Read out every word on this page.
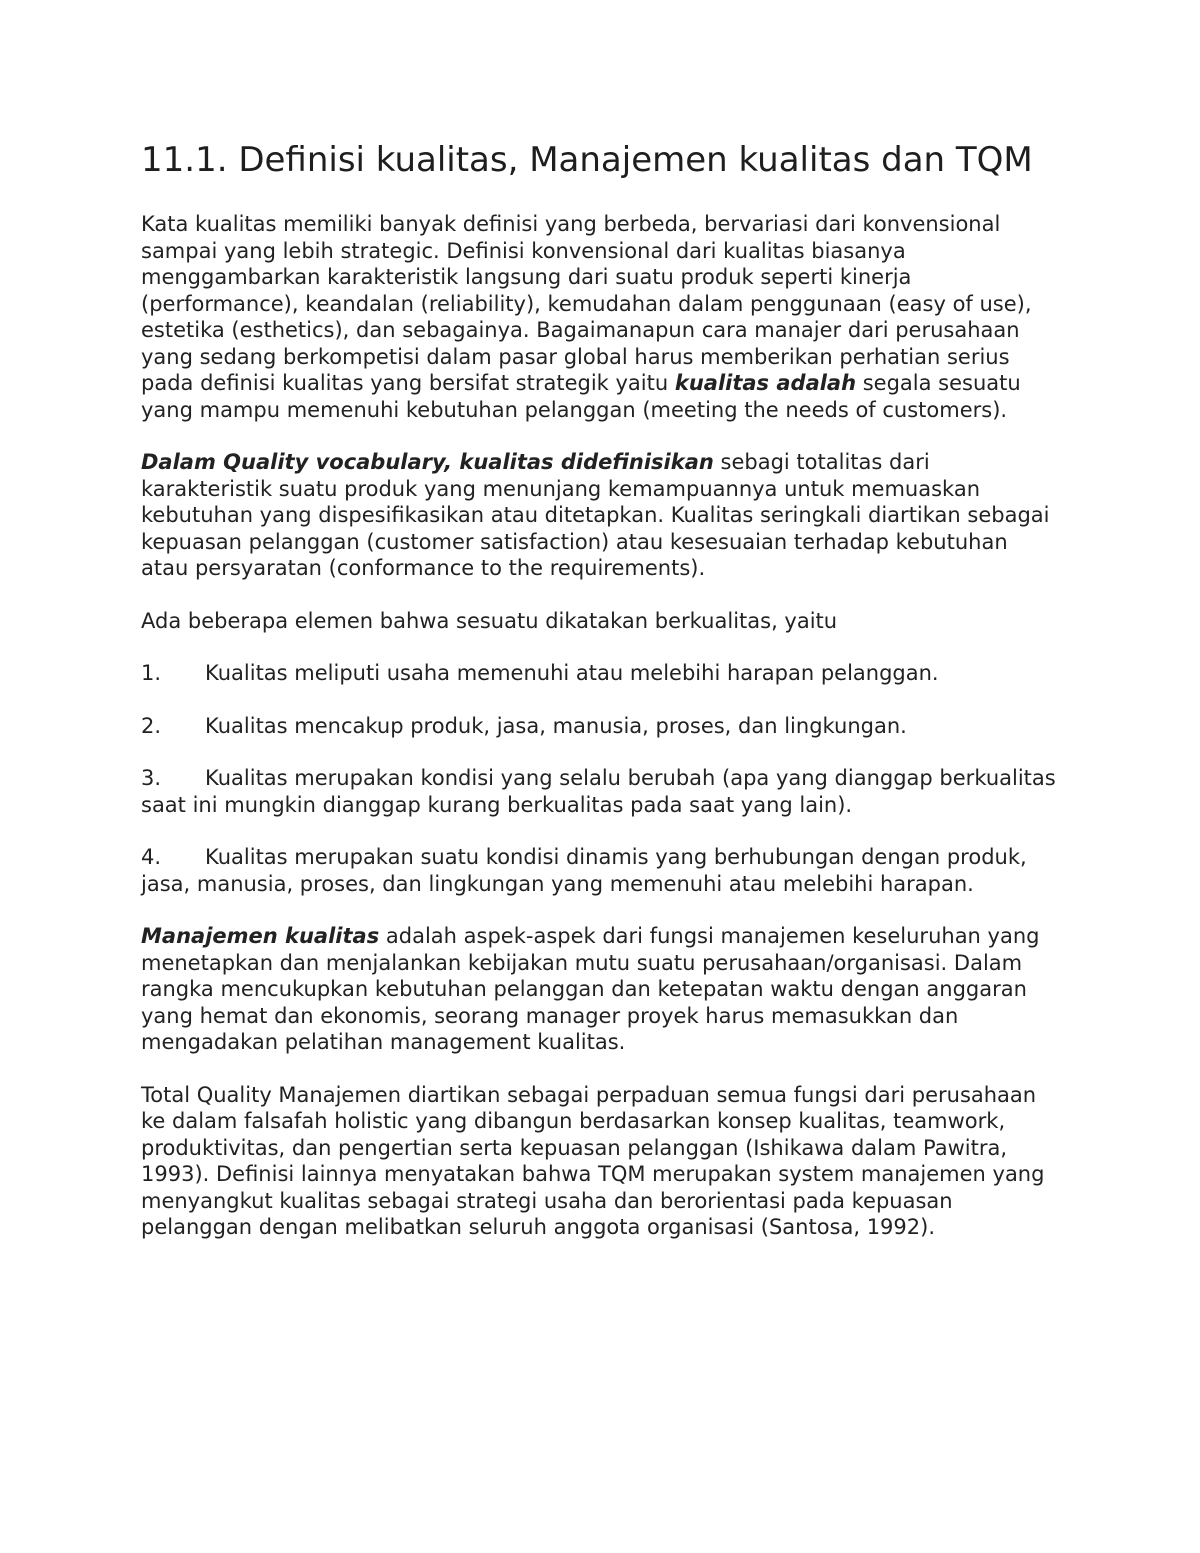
11.1. Definisi kualitas, Manajemen kualitas dan TQM

Kata kualitas memiliki banyak definisi yang berbeda, bervariasi dari konvensional sampai yang lebih strategic. Definisi konvensional dari kualitas biasanya menggambarkan karakteristik langsung dari suatu produk seperti kinerja (performance), keandalan (reliability), kemudahan dalam penggunaan (easy of use), estetika (esthetics), dan sebagainya. Bagaimanapun cara manajer dari perusahaan yang sedang berkompetisi dalam pasar global harus memberikan perhatian serius pada definisi kualitas yang bersifat strategik yaitu kualitas adalah segala sesuatu yang mampu memenuhi kebutuhan pelanggan (meeting the needs of customers).

Dalam Quality vocabulary, kualitas didefinisikan sebagi totalitas dari karakteristik suatu produk yang menunjang kemampuannya untuk memuaskan kebutuhan yang dispesifikasikan atau ditetapkan. Kualitas seringkali diartikan sebagai kepuasan pelanggan (customer satisfaction) atau kesesuaian terhadap kebutuhan atau persyaratan (conformance to the requirements).

Ada beberapa elemen bahwa sesuatu dikatakan berkualitas, yaitu

1. Kualitas meliputi usaha memenuhi atau melebihi harapan pelanggan.
2. Kualitas mencakup produk, jasa, manusia, proses, dan lingkungan.
3. Kualitas merupakan kondisi yang selalu berubah (apa yang dianggap berkualitas saat ini mungkin dianggap kurang berkualitas pada saat yang lain).
4. Kualitas merupakan suatu kondisi dinamis yang berhubungan dengan produk, jasa, manusia, proses, dan lingkungan yang memenuhi atau melebihi harapan.

Manajemen kualitas adalah aspek-aspek dari fungsi manajemen keseluruhan yang menetapkan dan menjalankan kebijakan mutu suatu perusahaan/organisasi. Dalam rangka mencukupkan kebutuhan pelanggan dan ketepatan waktu dengan anggaran yang hemat dan ekonomis, seorang manager proyek harus memasukkan dan mengadakan pelatihan management kualitas.

Total Quality Manajemen diartikan sebagai perpaduan semua fungsi dari perusahaan ke dalam falsafah holistic yang dibangun berdasarkan konsep kualitas, teamwork, produktivitas, dan pengertian serta kepuasan pelanggan (Ishikawa dalam Pawitra, 1993). Definisi lainnya menyatakan bahwa TQM merupakan system manajemen yang menyangkut kualitas sebagai strategi usaha dan berorientasi pada kepuasan pelanggan dengan melibatkan seluruh anggota organisasi (Santosa, 1992).
